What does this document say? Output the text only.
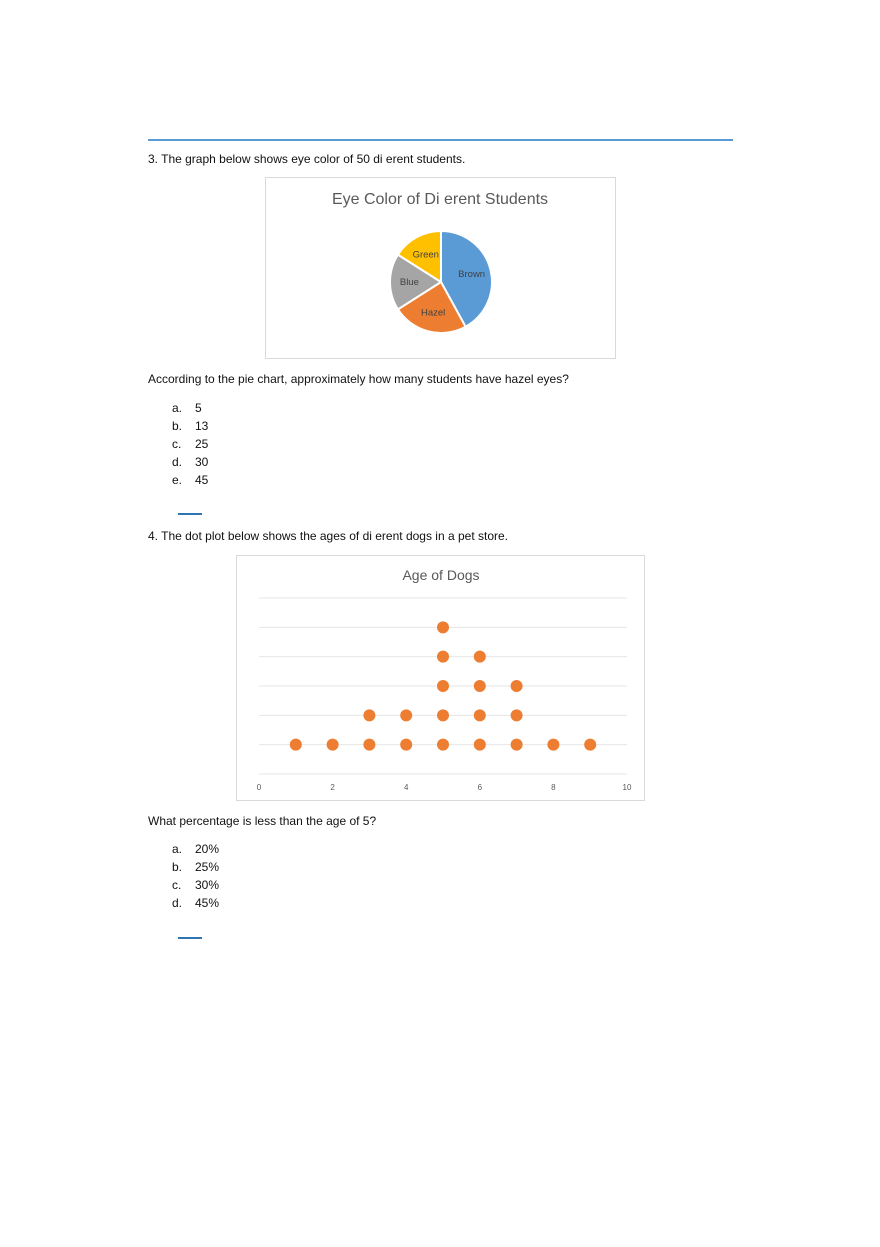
3. The graph below shows eye color of 50 di erent students.
Eye Color of Di erent Students
Brown
Hazel
Blue
Green
According to the pie chart, approximately how many students have hazel eyes?
a. 5
b. 13
c. 25
d. 30
e. 45
4. The dot plot below shows the ages of di erent dogs in a pet store.
Age of Dogs
0	2	4	6	8	10
What percentage is less than the age of 5?
a. 20%
b. 25%
c. 30%
d. 45%
